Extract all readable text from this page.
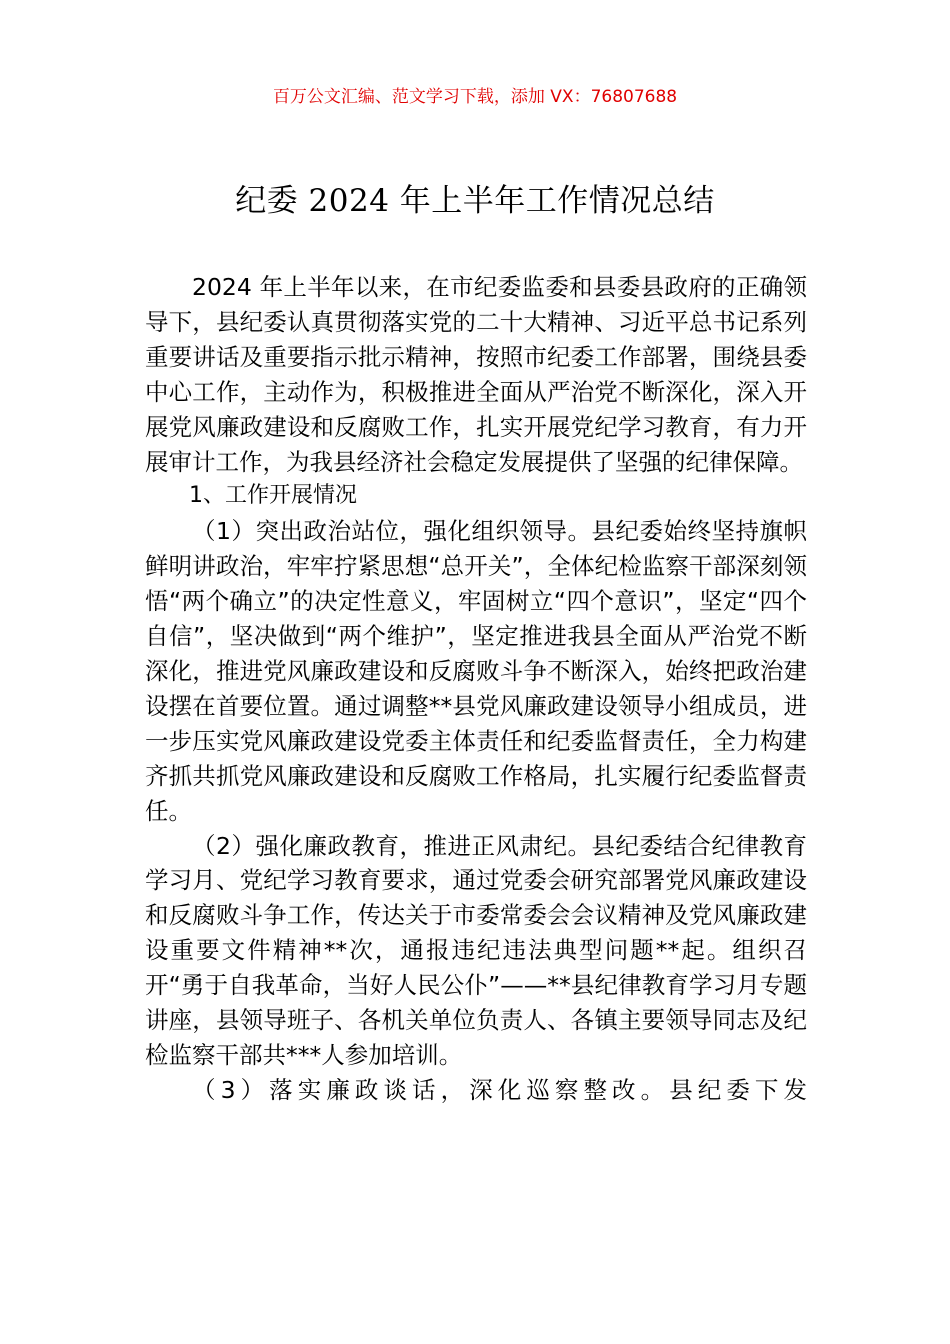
百万公文汇编、范文学习下载，添加 VX：76807688
纪委 2024 年上半年工作情况总结

2024 年上半年以来，在市纪委监委和县委县政府的正确领导下，县纪委认真贯彻落实党的二十大精神、习近平总书记系列重要讲话及重要指示批示精神，按照市纪委工作部署，围绕县委中心工作，主动作为，积极推进全面从严治党不断深化，深入开展党风廉政建设和反腐败工作，扎实开展党纪学习教育，有力开展审计工作，为我县经济社会稳定发展提供了坚强的纪律保障。

1、工作开展情况

（1）突出政治站位，强化组织领导。县纪委始终坚持旗帜鲜明讲政治，牢牢拧紧思想“总开关”，全体纪检监察干部深刻领悟“两个确立”的决定性意义，牢固树立“四个意识”，坚定“四个自信”，坚决做到“两个维护”，坚定推进我县全面从严治党不断深化，推进党风廉政建设和反腐败斗争不断深入，始终把政治建设摆在首要位置。通过调整**县党风廉政建设领导小组成员，进一步压实党风廉政建设党委主体责任和纪委监督责任，全力构建齐抓共抓党风廉政建设和反腐败工作格局，扎实履行纪委监督责任。

（2）强化廉政教育，推进正风肃纪。县纪委结合纪律教育学习月、党纪学习教育要求，通过党委会研究部署党风廉政建设和反腐败斗争工作，传达关于市委常委会会议精神及党风廉政建设重要文件精神**次，通报违纪违法典型问题**起。组织召开“勇于自我革命，当好人民公仆”——**县纪律教育学习月专题讲座，县领导班子、各机关单位负责人、各镇主要领导同志及纪检监察干部共***人参加培训。

（3）落实廉政谈话，深化巡察整改。县纪委下发
